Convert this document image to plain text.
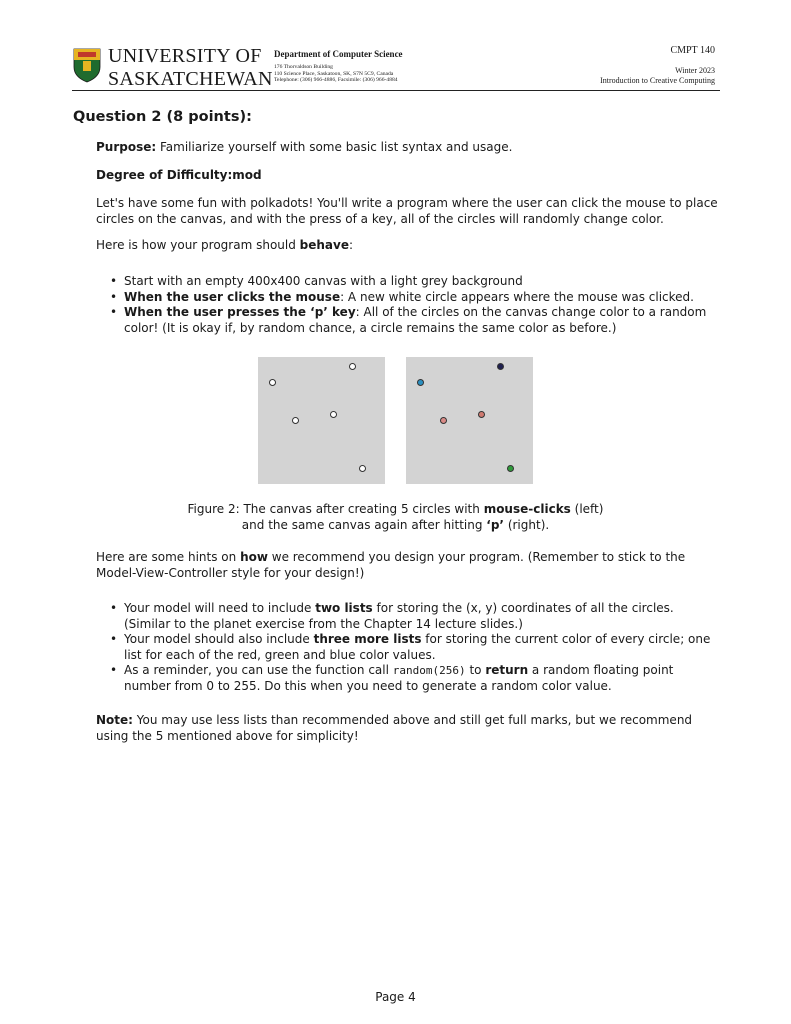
UNIVERSITY OF
SASKATCHEWAN
Department of Computer Science
176 Thorvaldson Building
110 Science Place, Saskatoon, SK, S7N 5C9, Canada
Telephone: (306) 966-4886, Facsimile: (306) 966-4884
CMPT 140
Winter 2023
Introduction to Creative Computing
Question 2 (8 points):
Purpose: Familiarize yourself with some basic list syntax and usage.
Degree of Difficulty:mod
Let's have some fun with polkadots! You'll write a program where the user can click the mouse to place circles on the canvas, and with the press of a key, all of the circles will randomly change color.
Here is how your program should behave:
• Start with an empty 400x400 canvas with a light grey background
• When the user clicks the mouse: A new white circle appears where the mouse was clicked.
• When the user presses the ‘p’ key: All of the circles on the canvas change color to a random color! (It is okay if, by random chance, a circle remains the same color as before.)
Figure 2: The canvas after creating 5 circles with mouse-clicks (left)
and the same canvas again after hitting ‘p’ (right).
Here are some hints on how we recommend you design your program. (Remember to stick to the Model-View-Controller style for your design!)
• Your model will need to include two lists for storing the (x, y) coordinates of all the circles. (Similar to the planet exercise from the Chapter 14 lecture slides.)
• Your model should also include three more lists for storing the current color of every circle; one list for each of the red, green and blue color values.
• As a reminder, you can use the function call random(256) to return a random floating point number from 0 to 255. Do this when you need to generate a random color value.
Note: You may use less lists than recommended above and still get full marks, but we recommend using the 5 mentioned above for simplicity!
Page 4
